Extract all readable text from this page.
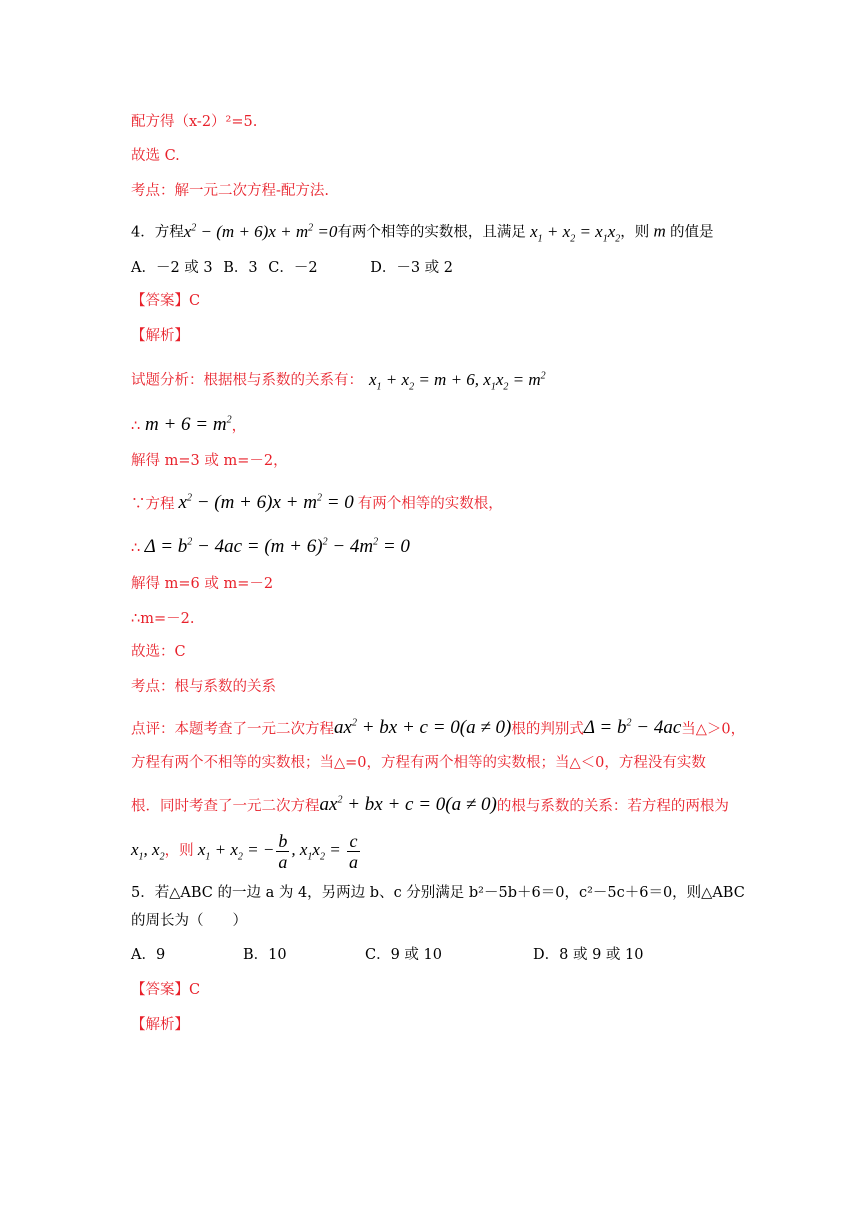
配方得（x-2）²=5.
故选 C.
考点：解一元二次方程-配方法.
4．方程$x^2 - (m + 6)x + m^2 =0$有两个相等的实数根，且满足 $x_1 + x_2 = x_1x_2$，则 m 的值是
A．－2 或 3 B．3 C．－2	D．－3 或 2
【答案】C
【解析】
试题分析：根据根与系数的关系有： $x_1 + x_2 = m + 6$, $x_1x_2 = m^2$
∴ $m + 6 = m^2$，
解得 m=3 或 m=－2，
∵方程 $x^2 - (m + 6)x + m^2 = 0$ 有两个相等的实数根，
∴ $\Delta = b^2 - 4ac = (m + 6)^2 - 4m^2 = 0$
解得 m=6 或 m=－2
∴m=－2.
故选：C
考点：根与系数的关系
点评：本题考查了一元二次方程$ax^2$ + bx + c = 0(a ≠ 0)根的判别式$\Delta = b^2 - 4ac$当△＞0，
方程有两个不相等的实数根；当△=0，方程有两个相等的实数根；当△＜0，方程没有实数
根．同时考查了一元二次方程$ax^2$ + bx + c = 0(a ≠ 0)的根与系数的关系：若方程的两根为
$x_1$, $x_2$，则 $x_1 + x_2$ = − $\frac{b}{a}$ , $x_1x_2 = \frac{c}{a}$
5．若△ABC 的一边 a 为 4，另两边 b、c 分别满足 b²－5b＋6＝0，c²－5c＋6＝0，则△ABC
的周长为（　　）
A．9	B．10	C．9 或 10	D．8 或 9 或 10
【答案】C
【解析】
